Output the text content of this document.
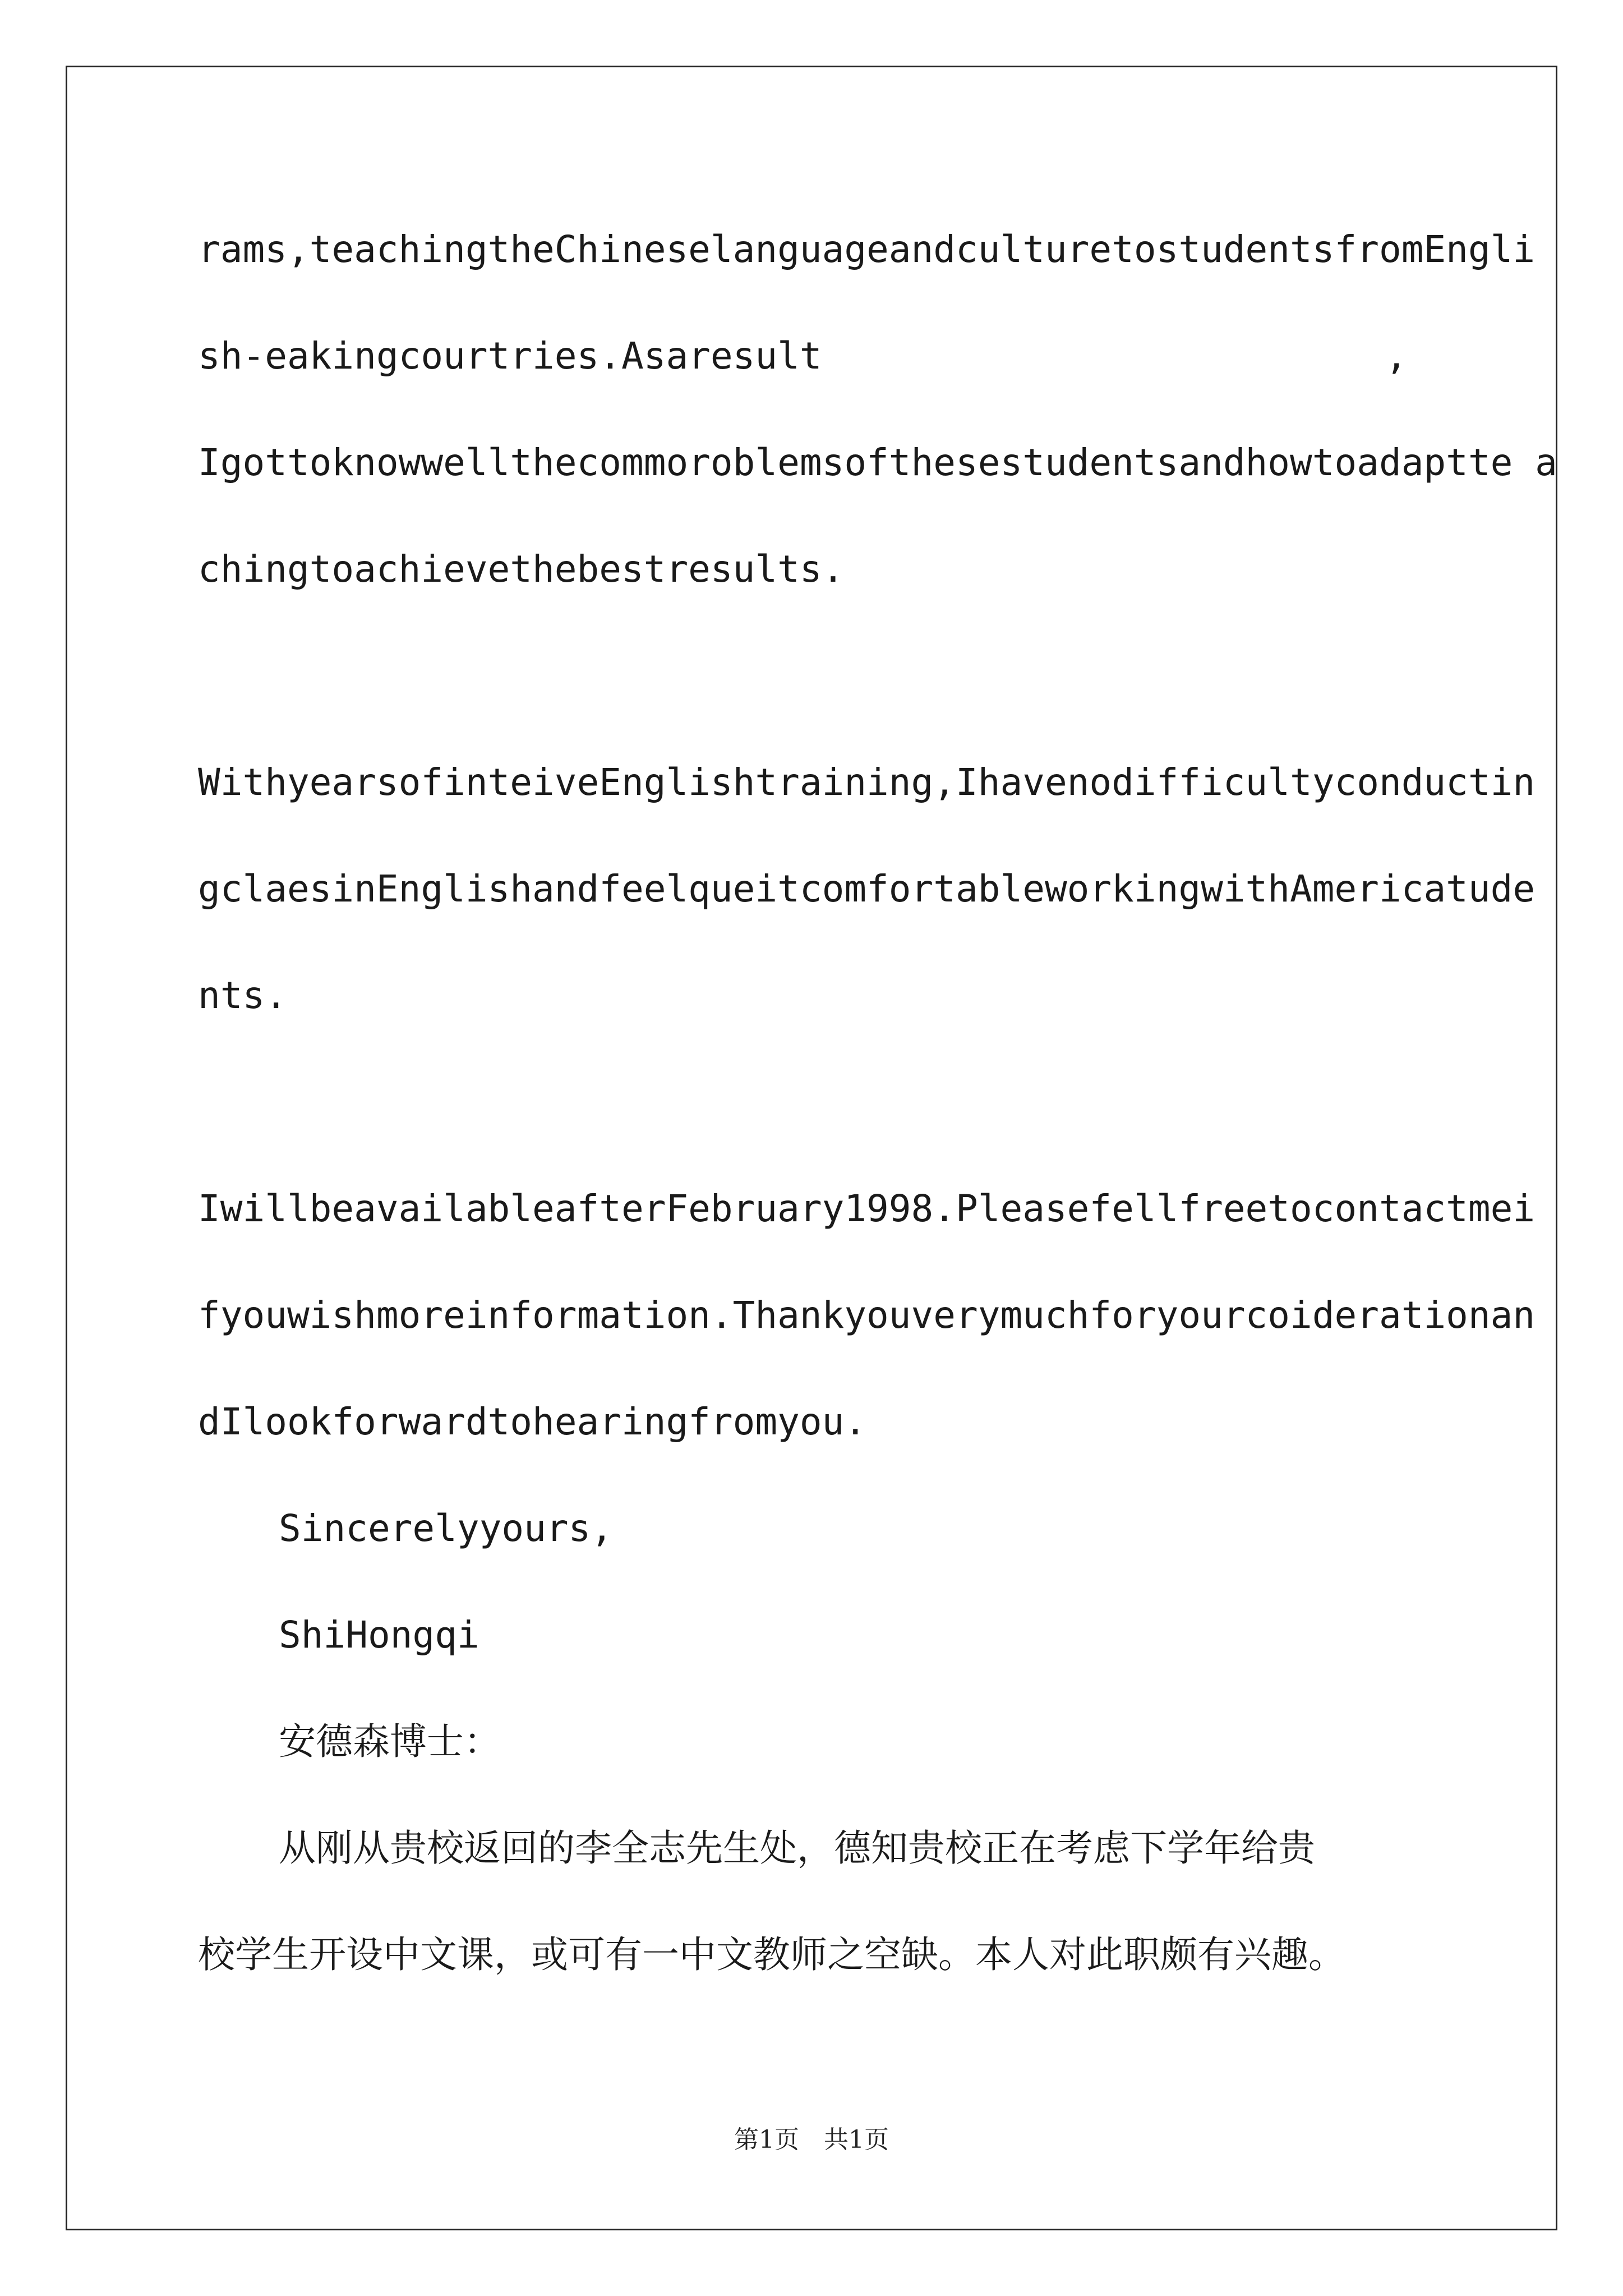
rams,teachingtheChineselanguageandculturetostudentsfromEngli
sh-eakingcourtries.Asaresult	,
Igottoknowwellthecommoroblemsofthesestudentsandhowtoadaptte a
chingtoachievethebestresults.
WithyearsofinteiveEnglishtraining,Ihavenodifficultyconductin
gclaesinEnglishandfeelqueitcomfortableworkingwithAmericatude
nts.
IwillbeavailableafterFebruary1998.Pleasefellfreetocontactmei
fyouwishmoreinformation.Thankyouverymuchforyourcoiderationan
dIlookforwardtohearingfromyou.
Sincerelyyours,
ShiHongqi
安德森博士：
从刚从贵校返回的李全志先生处，德知贵校正在考虑下学年给贵
校学生开设中文课，或可有一中文教师之空缺。本人对此职颇有兴趣。
第1页　共1页
